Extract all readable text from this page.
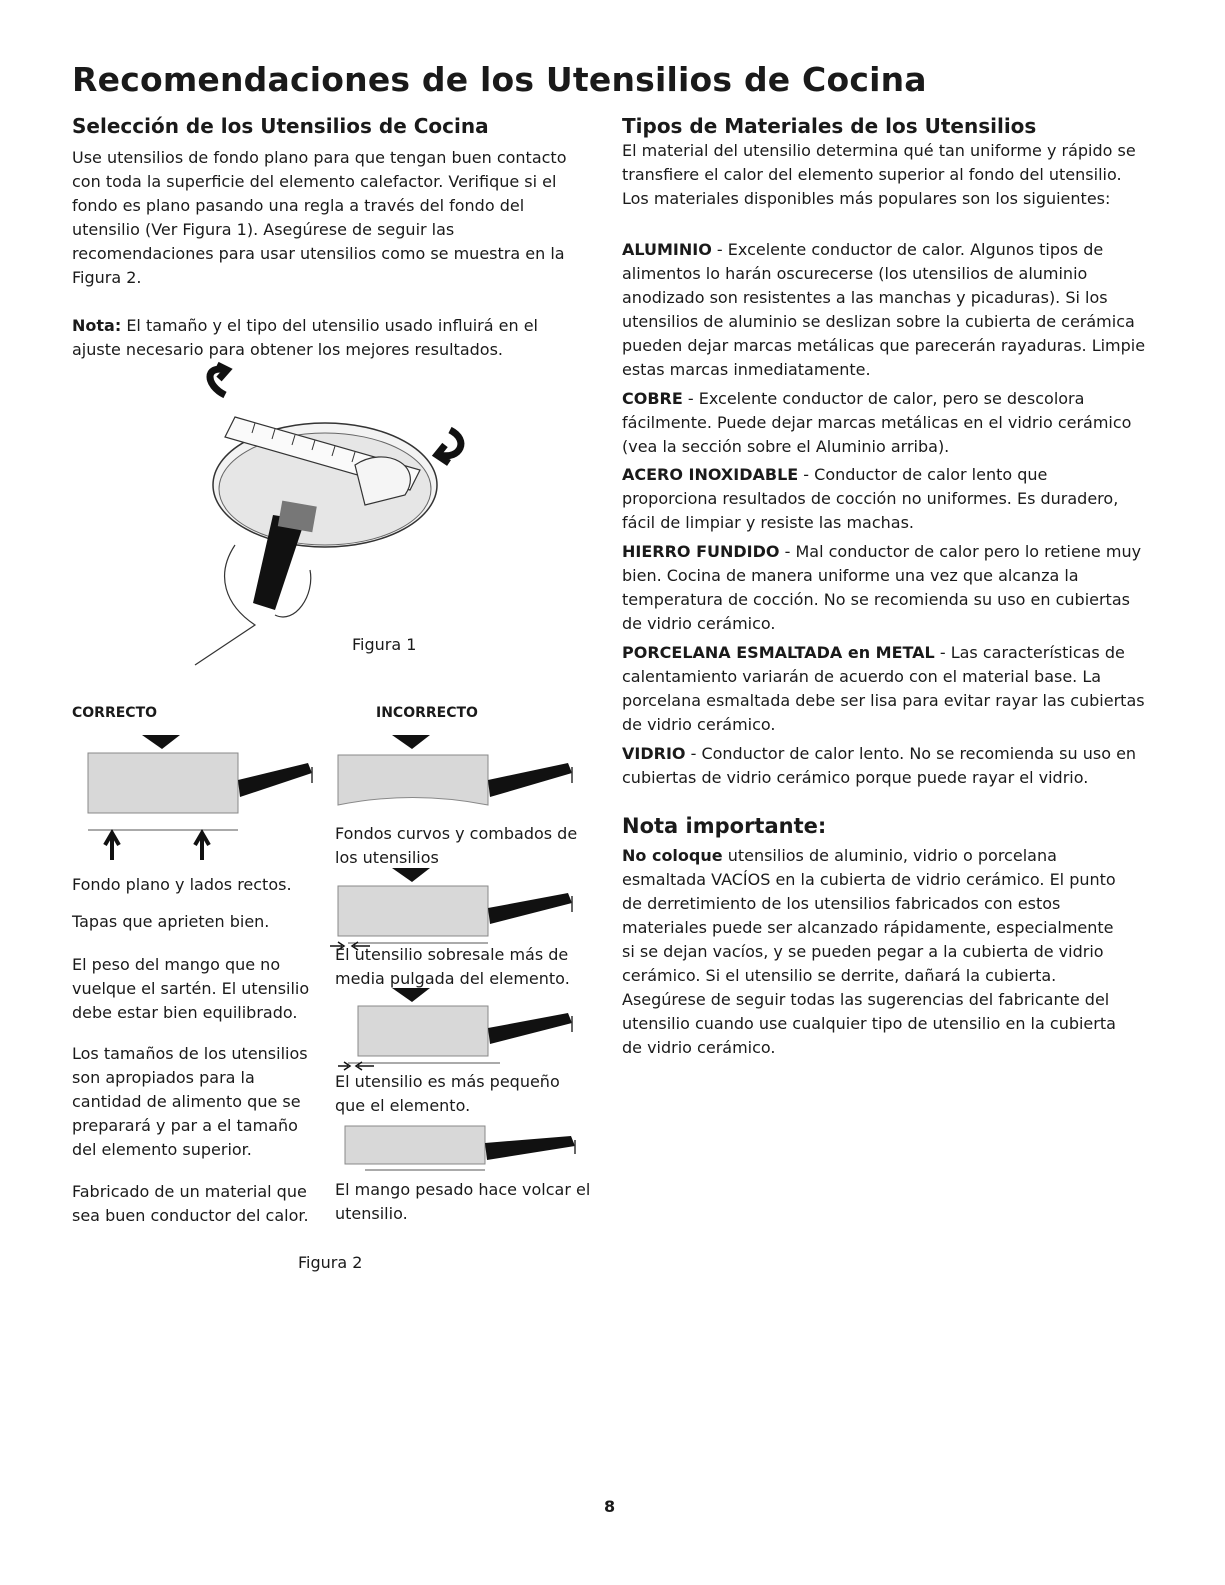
Recomendaciones de los Utensilios de Cocina
Selección de los Utensilios de Cocina

Use utensilios de fondo plano para que tengan buen contacto con toda la superficie del elemento calefactor. Verifique si el fondo es plano pasando una regla a través del fondo del utensilio (Ver Figura 1). Asegúrese de seguir las recomendaciones para usar utensilios como se muestra en la Figura 2.

Nota: El tamaño y el tipo del utensilio usado influirá en el ajuste necesario para obtener los mejores resultados.

Figura 1
CORRECTO	INCORRECTO

Fondo plano y lados rectos.

Tapas que aprieten bien.

El peso del mango que no vuelque el sartén. El utensilio debe estar bien equilibrado.

Los tamaños de los utensilios son apropiados para la cantidad de alimento que se preparará y par a el tamaño del elemento superior.

Fabricado de un material que sea buen conductor del calor.

Fondos curvos y combados de los utensilios

El utensilio sobresale más de media pulgada del elemento.

El utensilio es más pequeño que el elemento.

El mango pesado hace volcar el utensilio.

Figura 2
Tipos de Materiales de los Utensilios

El material del utensilio determina qué tan uniforme y rápido se transfiere el calor del elemento superior al fondo del utensilio. Los materiales disponibles más populares son los siguientes:

ALUMINIO - Excelente conductor de calor. Algunos tipos de alimentos lo harán oscurecerse (los utensilios de aluminio anodizado son resistentes a las manchas y picaduras). Si los utensilios de aluminio se deslizan sobre la cubierta de cerámica pueden dejar marcas metálicas que parecerán rayaduras. Limpie estas marcas inmediatamente.

COBRE - Excelente conductor de calor, pero se descolora fácilmente. Puede dejar marcas metálicas en el vidrio cerámico (vea la sección sobre el Aluminio arriba).

ACERO INOXIDABLE - Conductor de calor lento que proporciona resultados de cocción no uniformes. Es duradero, fácil de limpiar y resiste las machas.

HIERRO FUNDIDO - Mal conductor de calor pero lo retiene muy bien. Cocina de manera uniforme una vez que alcanza la temperatura de cocción. No se recomienda su uso en cubiertas de vidrio cerámico.

PORCELANA ESMALTADA en METAL - Las características de calentamiento variarán de acuerdo con el material base. La porcelana esmaltada debe ser lisa para evitar rayar las cubiertas de vidrio cerámico.

VIDRIO - Conductor de calor lento. No se recomienda su uso en cubiertas de vidrio cerámico porque puede rayar el vidrio.

Nota importante:

No coloque utensilios de aluminio, vidrio o porcelana esmaltada VACÍOS en la cubierta de vidrio cerámico. El punto de derretimiento de los utensilios fabricados con estos materiales puede ser alcanzado rápidamente, especialmente si se dejan vacíos, y se pueden pegar a la cubierta de vidrio cerámico. Si el utensilio se derrite, dañará la cubierta. Asegúrese de seguir todas las sugerencias del fabricante del utensilio cuando use cualquier tipo de utensilio en la cubierta de vidrio cerámico.

8
